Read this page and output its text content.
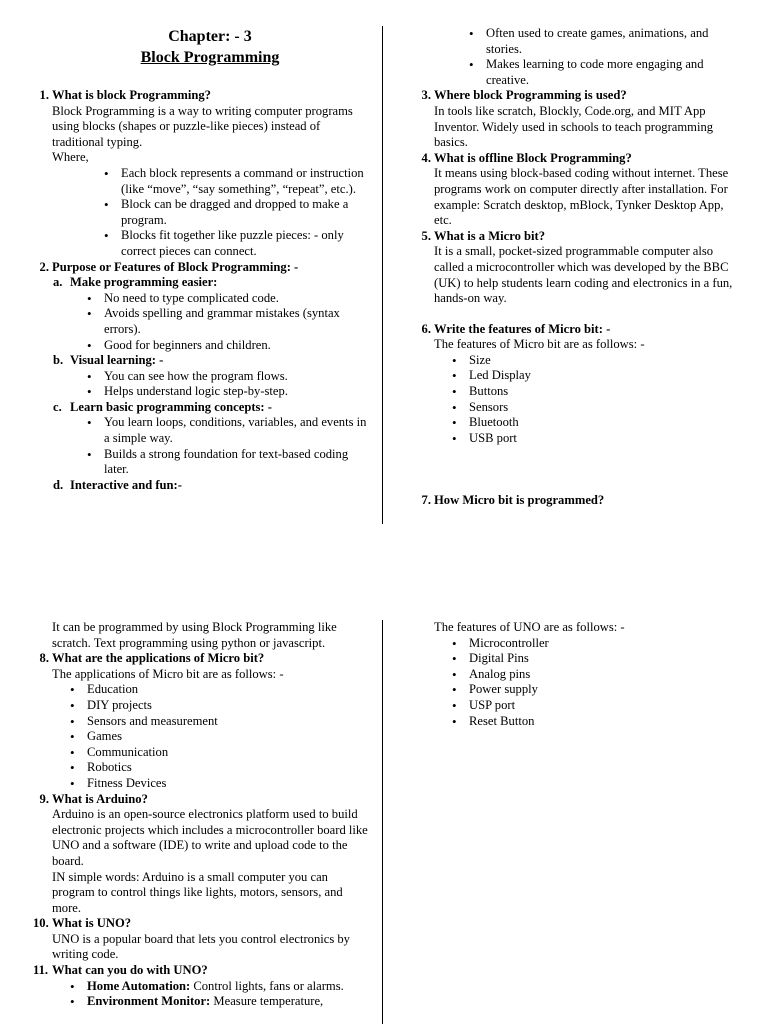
Chapter: - 3

Block Programming

1. What is block Programming?

Block Programming is a way to writing computer programs using blocks (shapes or puzzle-like pieces) instead of traditional typing.

Where,

• Each block represents a command or instruction (like “move”, “say something”, “repeat”, etc.).
• Block can be dragged and dropped to make a program.
• Blocks fit together like puzzle pieces: - only correct pieces can connect.
2. Purpose or Features of Block Programming: -
a. Make programming easier:
• No need to type complicated code.
• Avoids spelling and grammar mistakes (syntax errors).
• Good for beginners and children.
b. Visual learning: -
• You can see how the program flows.
• Helps understand logic step-by-step.
c. Learn basic programming concepts: -
• You learn loops, conditions, variables, and events in a simple way.
• Builds a strong foundation for text-based coding later.
d. Interactive and fun:-
• Often used to create games, animations, and stories.
• Makes learning to code more engaging and creative.
3. Where block Programming is used?

In tools like scratch, Blockly, Code.org, and MIT App Inventor. Widely used in schools to teach programming basics.

4. What is offline Block Programming?

It means using block-based coding without internet. These programs work on computer directly after installation. For example: Scratch desktop, mBlock, Tynker Desktop App, etc.

5. What is a Micro bit?

It is a small, pocket-sized programmable computer also called a microcontroller which was developed by the BBC (UK) to help students learn coding and electronics in a fun, hands-on way.

6. Write the features of Micro bit: -

The features of Micro bit are as follows: -

• Size
• Led Display
• Buttons
• Sensors
• Bluetooth
• USB port
7. How Micro bit is programmed?

It can be programmed by using Block Programming like scratch. Text programming using python or javascript.

8. What are the applications of Micro bit?

The applications of Micro bit are as follows: -

• Education
• DIY projects
• Sensors and measurement
• Games
• Communication
• Robotics
• Fitness Devices
9. What is Arduino?

Arduino is an open-source electronics platform used to build electronic projects which includes a microcontroller board like UNO and a software (IDE) to write and upload code to the board.

IN simple words: Arduino is a small computer you can program to control things like lights, motors, sensors, and more.

10. What is UNO?

UNO is a popular board that lets you control electronics by writing code.

11. What can you do with UNO?
• Home Automation: Control lights, fans or alarms.
• Environment Monitor: Measure temperature,

The features of UNO are as follows: -

• Microcontroller
• Digital Pins
• Analog pins
• Power supply
• USP port
• Reset Button
